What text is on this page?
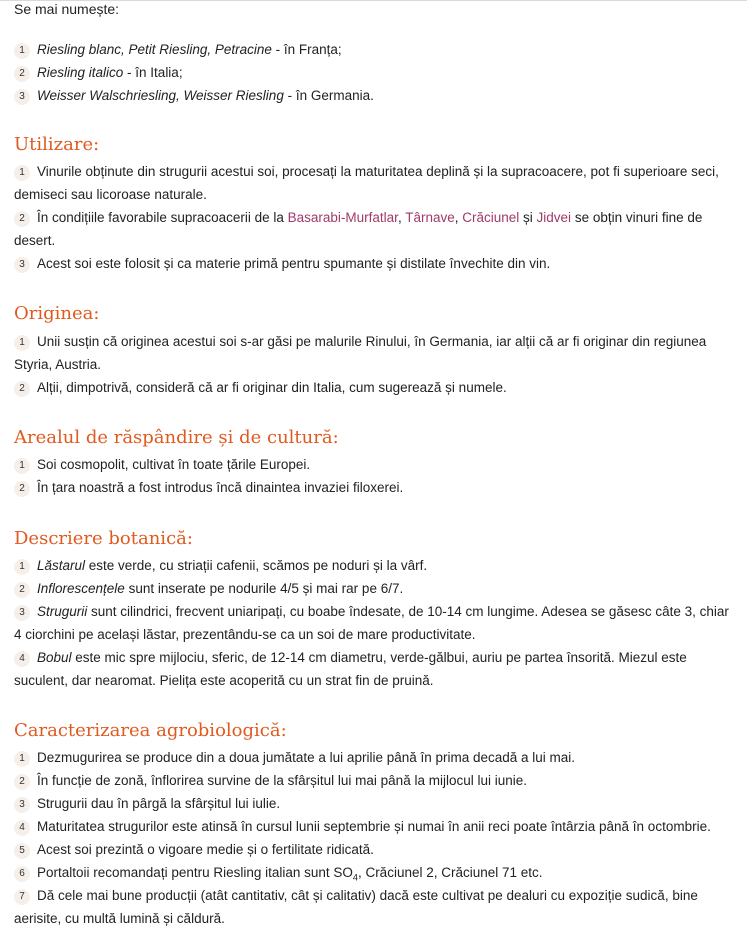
Se mai numește:

1 Riesling blanc, Petit Riesling, Petracine - în Franța;
2 Riesling italico - în Italia;
3 Weisser Walschriesling, Weisser Riesling - în Germania.
Utilizare:
1 Vinurile obținute din strugurii acestui soi, procesați la maturitatea deplină și la supracoacere, pot fi superioare seci, demiseci sau licoroase naturale.
2 În condițiile favorabile supracoacerii de la Basarabi-Murfatlar, Târnave, Crăciunel și Jidvei se obțin vinuri fine de desert.
3 Acest soi este folosit și ca materie primă pentru spumante și distilate învechite din vin.
Originea:
1 Unii susțin că originea acestui soi s-ar găsi pe malurile Rinului, în Germania, iar alții că ar fi originar din regiunea Styria, Austria.
2 Alții, dimpotrivă, consideră că ar fi originar din Italia, cum sugerează și numele.
Arealul de răspândire și de cultură:
1 Soi cosmopolit, cultivat în toate țările Europei.
2 În țara noastră a fost introdus încă dinaintea invaziei filoxerei.
Descriere botanică:
1 Lăstarul este verde, cu striații cafenii, scămos pe noduri și la vârf.
2 Inflorescențele sunt inserate pe nodurile 4/5 și mai rar pe 6/7.
3 Strugurii sunt cilindrici, frecvent uniaripați, cu boabe îndesate, de 10-14 cm lungime. Adesea se găsesc câte 3, chiar 4 ciorchini pe același lăstar, prezentându-se ca un soi de mare productivitate.
4 Bobul este mic spre mijlociu, sferic, de 12-14 cm diametru, verde-gălbui, auriu pe partea însorită. Miezul este suculent, dar nearomat. Pielița este acoperită cu un strat fin de pruină.
Caracterizarea agrobiologică:
1 Dezmugurirea se produce din a doua jumătate a lui aprilie până în prima decadă a lui mai.
2 În funcție de zonă, înflorirea survine de la sfârșitul lui mai până la mijlocul lui iunie.
3 Strugurii dau în pârgă la sfârșitul lui iulie.
4 Maturitatea strugurilor este atinsă în cursul lunii septembrie și numai în anii reci poate întârzia până în octombrie.
5 Acest soi prezintă o vigoare medie și o fertilitate ridicată.
6 Portaltoii recomandați pentru Riesling italian sunt $SO_4$, Crăciunel 2, Crăciunel 71 etc.
7 Dă cele mai bune producții (atât cantitativ, cât și calitativ) dacă este cultivat pe dealuri cu expoziție sudică, bine aerisite, cu multă lumină și căldură.
